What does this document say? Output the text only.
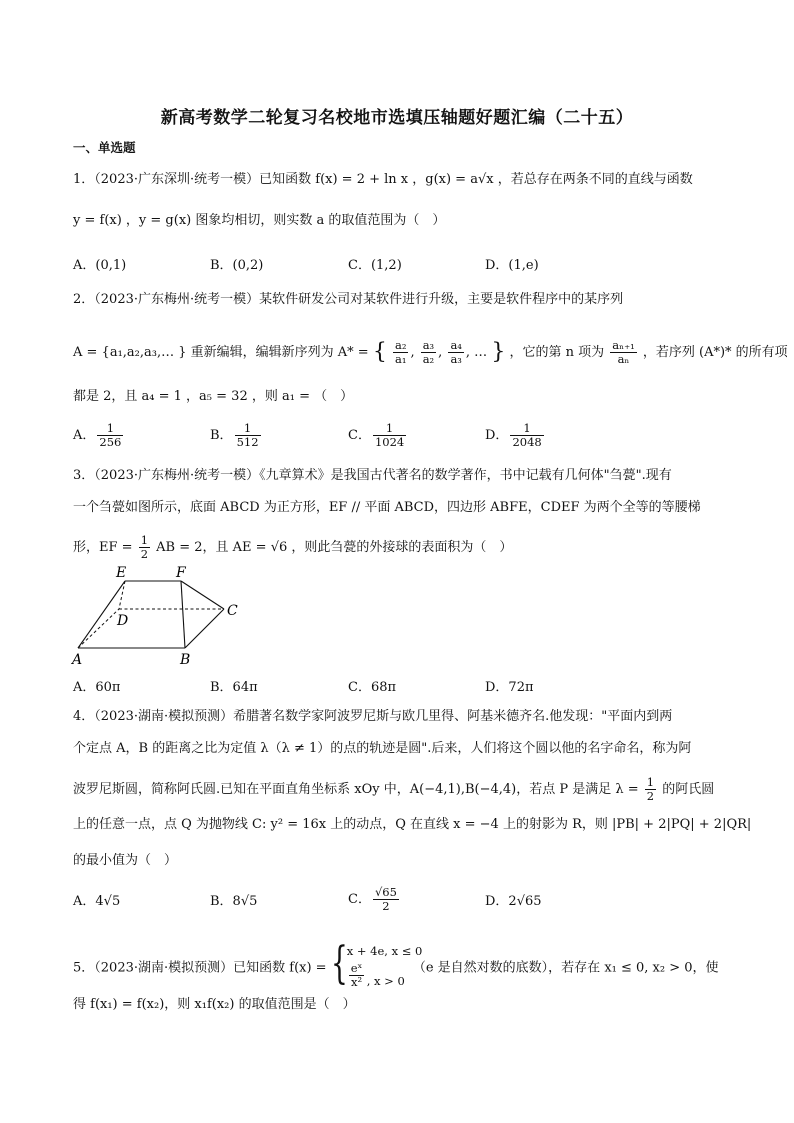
新高考数学二轮复习名校地市选填压轴题好题汇编（二十五）
一、单选题
1．（2023·广东深圳·统考一模）已知函数 f(x) = 2 + ln x ，g(x) = a√x ，若总存在两条不同的直线与函数
y = f(x) ，y = g(x) 图象均相切，则实数 a 的取值范围为（　）
A．(0,1)	B．(0,2)	C．(1,2)	D．(1,e)
2．（2023·广东梅州·统考一模）某软件研发公司对某软件进行升级，主要是软件程序中的某序列
A = {a₁,a₂,a₃,… } 重新编辑，编辑新序列为 A* = { $\frac{\text{a₂}}{\text{a₁}}$ , $\frac{\text{a₃}}{\text{a₂}}$ , $\frac{\text{a₄}}{\text{a₃}}$ , … } ，它的第 n 项为 $\frac{\text{aₙ₊₁}}{\text{aₙ}}$ ，若序列 (A*)* 的所有项
都是 2，且 a₄ = 1 ，a₅ = 32 ，则 a₁ = （　）
A． $\frac{1}{256}$	B． $\frac{1}{512}$	C． $\frac{1}{1024}$	D． $\frac{1}{2048}$
3．（2023·广东梅州·统考一模）《九章算术》是我国古代著名的数学著作，书中记载有几何体"刍甍".现有
一个刍甍如图所示，底面 ABCD 为正方形，EF // 平面 ABCD，四边形 ABFE，CDEF 为两个全等的等腰梯
形，EF = $\frac{1}{2}$ AB = 2，且 AE = √6 ，则此刍甍的外接球的表面积为（　）
E	F
C
D
A	B
A．60π	B．64π	C．68π	D．72π
4．（2023·湖南·模拟预测）希腊著名数学家阿波罗尼斯与欧几里得、阿基米德齐名.他发现："平面内到两
个定点 A，B 的距离之比为定值 λ（λ ≠ 1）的点的轨迹是圆".后来，人们将这个圆以他的名字命名，称为阿
波罗尼斯圆，简称阿氏圆.已知在平面直角坐标系 xOy 中，A(−4,1),B(−4,4)，若点 P 是满足 $\lambda = \frac{1}{2}$ 的阿氏圆
上的任意一点，点 Q 为抛物线 C: y² = 16x 上的动点，Q 在直线 x = −4 上的射影为 R，则 |PB| + 2|PQ| + 2|QR|
的最小值为（　）
A．4√5	B．8√5	C． $\frac{√65}{2}$	D．2√65
5．（2023·湖南·模拟预测）已知函数 f(x) = { x + 4e, x ≤ 0
$\frac{\text{eˣ}}{\text{x²}}$ , x > 0
（e 是自然对数的底数），若存在 x₁ ≤ 0, x₂ > 0，使
得 f(x₁) = f(x₂)，则 x₁f(x₂) 的取值范围是（　）
